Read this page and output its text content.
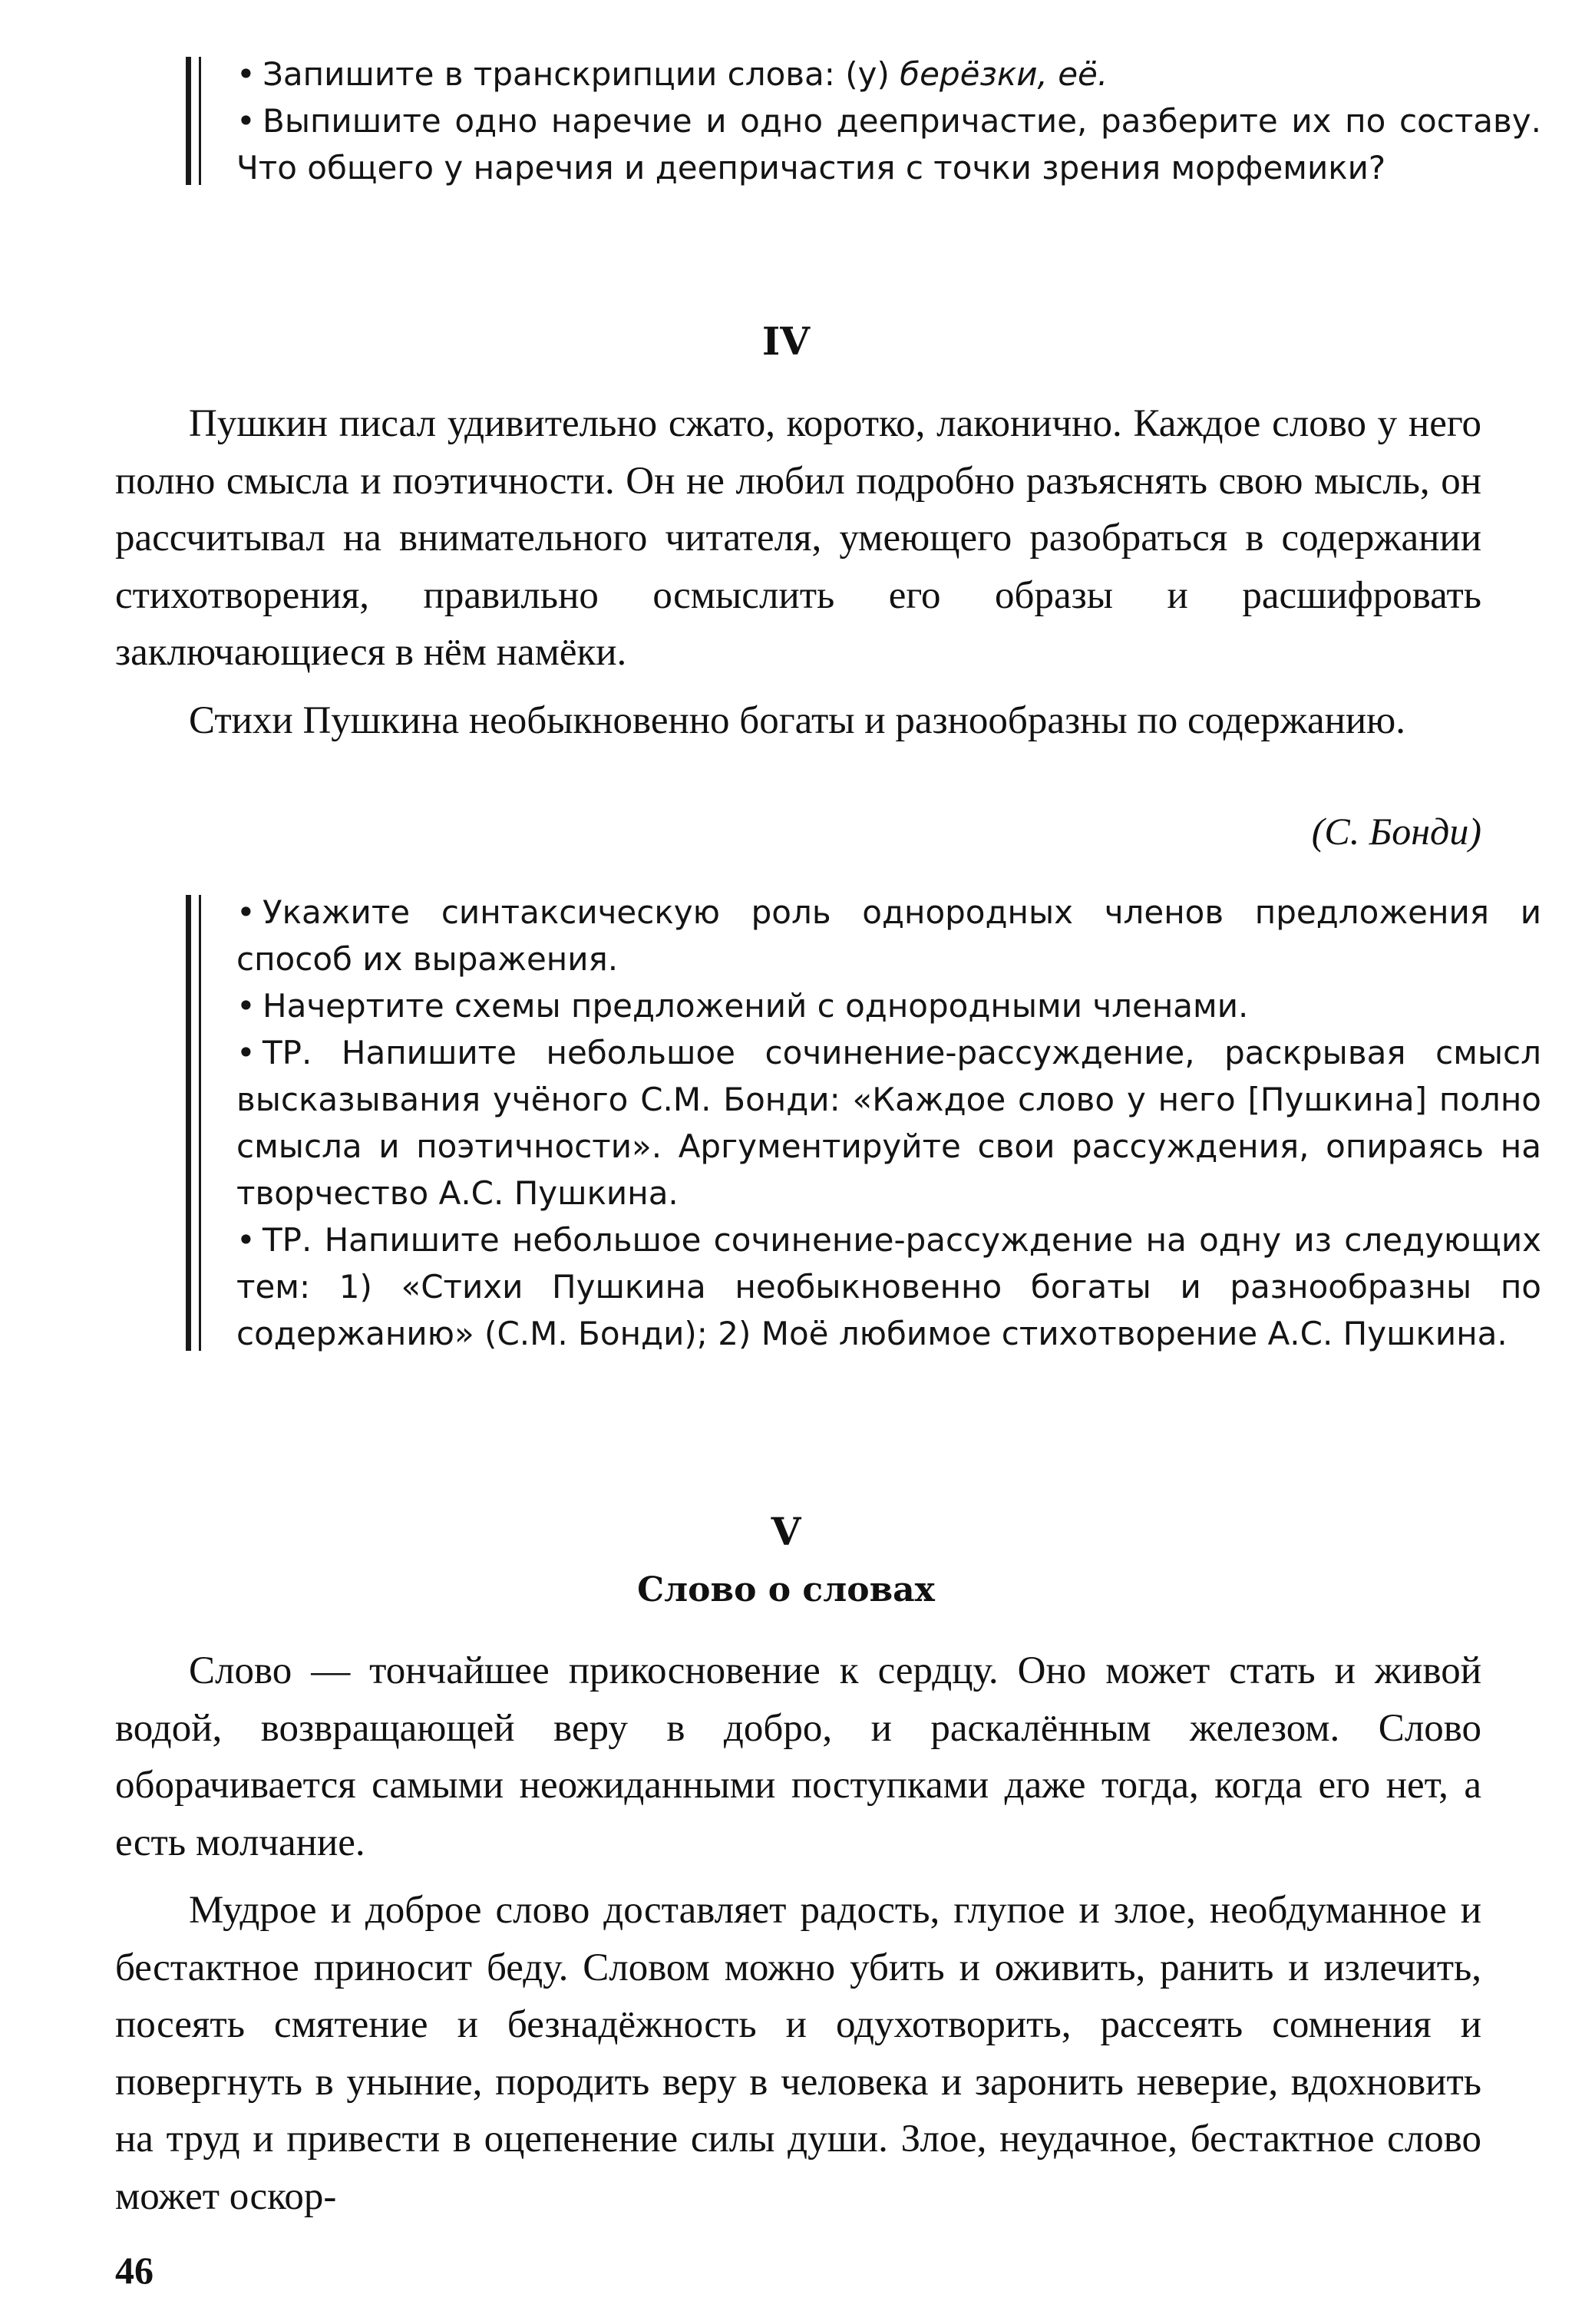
• Запишите в транскрипции слова: (у) берёзки, её.

• Выпишите одно наречие и одно деепричастие, разберите их по составу. Что общего у наречия и деепричастия с точки зрения морфемики?

IV

Пушкин писал удивительно сжато, коротко, лаконично. Каждое слово у него полно смысла и поэтичности. Он не любил подробно разъяснять свою мысль, он рассчитывал на внимательного читателя, умеющего разобраться в содержании стихотворения, правильно осмыслить его образы и расшифровать заключающиеся в нём намёки.

Стихи Пушкина необыкновенно богаты и разнообразны по содержанию.

(С. Бонди)

• Укажите синтаксическую роль однородных членов предложения и способ их выражения.

• Начертите схемы предложений с однородными членами.

• ТР. Напишите небольшое сочинение-рассуждение, раскрывая смысл высказывания учёного С.М. Бонди: «Каждое слово у него [Пушкина] полно смысла и поэтичности». Аргументируйте свои рассуждения, опираясь на творчество А.С. Пушкина.

• ТР. Напишите небольшое сочинение-рассуждение на одну из следующих тем: 1) «Стихи Пушкина необыкновенно богаты и разнообразны по содержанию» (С.М. Бонди); 2) Моё любимое стихотворение А.С. Пушкина.

V
Слово о словах

Слово — тончайшее прикосновение к сердцу. Оно может стать и живой водой, возвращающей веру в добро, и раскалённым железом. Слово оборачивается самыми неожиданными поступками даже тогда, когда его нет, а есть молчание.

Мудрое и доброе слово доставляет радость, глупое и злое, необдуманное и бестактное приносит беду. Словом можно убить и оживить, ранить и излечить, посеять смятение и безнадёжность и одухотворить, рассеять сомнения и повергнуть в уныние, породить веру в человека и заронить неверие, вдохновить на труд и привести в оцепенение силы души. Злое, неудачное, бестактное слово может оскор-

46
